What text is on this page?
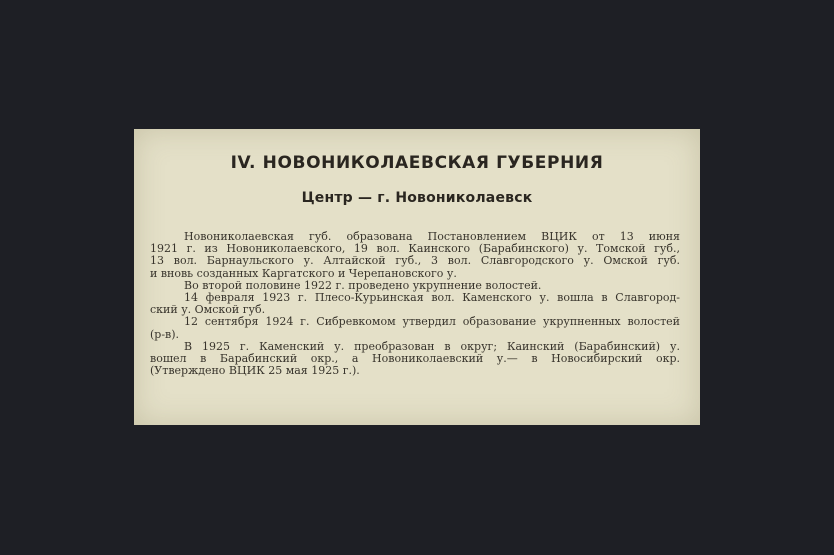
IV. НОВОНИКОЛАЕВСКАЯ ГУБЕРНИЯ
Центр — г. Новониколаевск
Новониколаевская губ. образована Постановлением ВЦИК от 13 июня
1921 г. из Новониколаевского, 19 вол. Каинского (Барабинского) у. Томской губ.,
13 вол. Барнаульского у. Алтайской губ., 3 вол. Славгородского у. Омской губ.
и вновь созданных Каргатского и Черепановского у.
Во второй половине 1922 г. проведено укрупнение волостей.
14 февраля 1923 г. Плесо-Курьинская вол. Каменского у. вошла в Славгород-
ский у. Омской губ.
12 сентября 1924 г. Сибревкомом утвердил образование укрупненных волостей
(р-в).
В 1925 г. Каменский у. преобразован в округ; Каинский (Барабинский) у.
вошел в Барабинский окр., а Новониколаевский у.— в Новосибирский окр.
(Утверждено ВЦИК 25 мая 1925 г.).
